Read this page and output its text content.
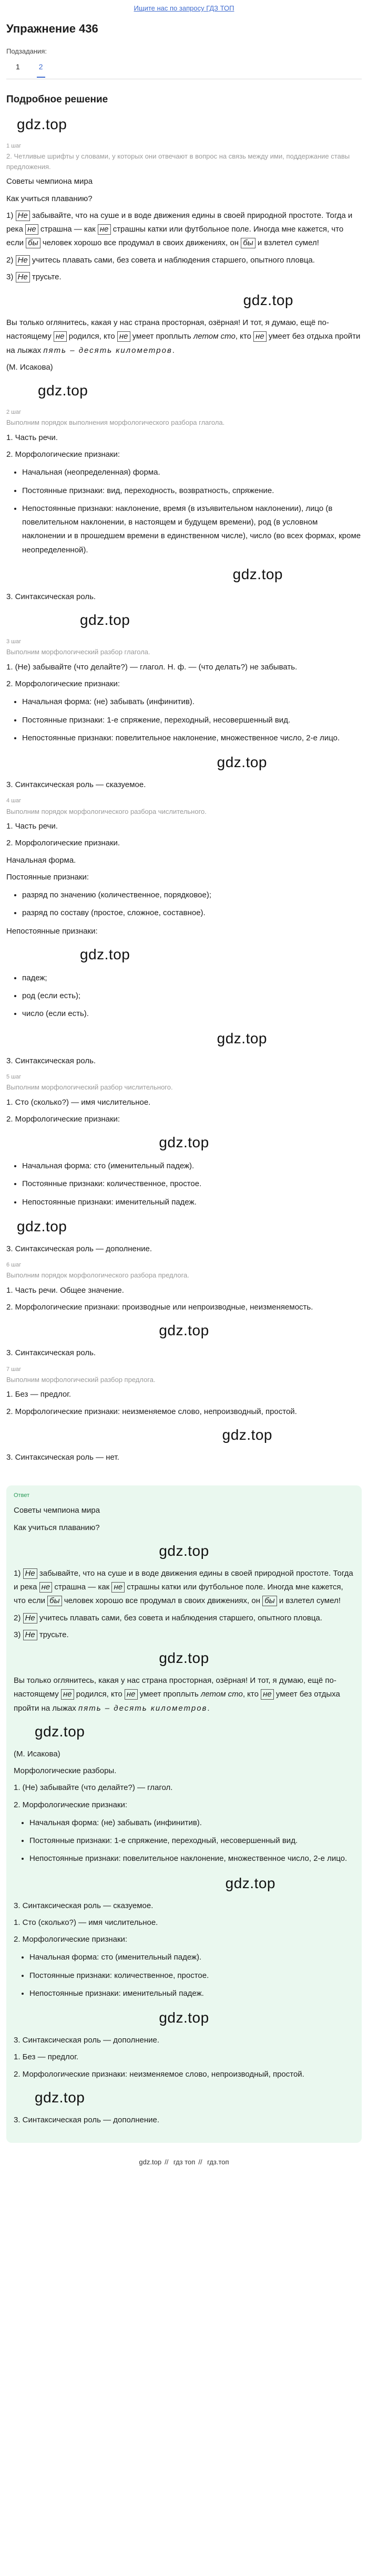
Ищите нас по запросу ГДЗ ТОП
Упражнение 436
Подзадания:
1	2
Подробное решение
gdz.top
1 шаг
2. Чeтливые шрифты у словами, у которых они отвечают в вопрос на связь между ими, поддержание ставы предложения.

Советы чемпиона мира

Как учиться плаванию?

1) Не забывайте, что на суше и в воде движения едины в своей природной простоте. Тогда и река не страшна — как не страшны катки или футбольное поле. Иногда мне кажется, что если бы человек хорошо все продумал в своих движениях, он бы и взлетел сумел!

2) Не учитесь плавать сами, без совета и наблюдения старшего, опытного пловца.

3) Не трусьте.

gdz.top

Вы только оглянитесь, какая у нас страна просторная, озёрная! И тот, я думаю, ещё по-настоящему не родился, кто не умеет проплыть летом сто, кто не умеет без отдыха пройти на лыжах пять – десять километров.

(М. Исакова)

gdz.top
2 шаг
Выполним порядок выполнения морфологического разбора глагола.

1. Часть речи.

2. Морфологические признаки:

• Начальная (неопределенная) форма.
• Постоянные признаки: вид, переходность, возвратность, спряжение.
• Непостоянные признаки: наклонение, время (в изъявительном наклонении), лицо (в повелительном наклонении, в настоящем и будущем времени), род (в условном наклонении и в прошедшем времени в единственном числе), число (во всех формах, кроме неопределенной).
gdz.top

3. Синтаксическая роль.

gdz.top
3 шаг
Выполним морфологический разбор глагола.

1. (Не) забывайте (что делайте?) — глагол. Н. ф. — (что делать?) не забывать.

2. Морфологические признаки:

• Начальная форма: (не) забывать (инфинитив).
• Постоянные признаки: 1-е спряжение, переходный, несовершенный вид.
• Непостоянные признаки: повелительное наклонение, множественное число, 2-е лицо.
gdz.top

3. Синтаксическая роль — сказуемое.

4 шаг
Выполним порядок морфологического разбора числительного.

1. Часть речи.

2. Морфологические признаки.

Начальная форма.

Постоянные признаки:

• разряд по значению (количественное, порядковое);
• разряд по составу (простое, сложное, составное).

Непостоянные признаки:

gdz.top
• падеж;
• род (если есть);
• число (если есть).
gdz.top

3. Синтаксическая роль.

5 шаг
Выполним морфологический разбор числительного.

1. Сто (сколько?) — имя числительное.

2. Морфологические признаки:

gdz.top
• Начальная форма: сто (именительный падеж).
• Постоянные признаки: количественное, простое.
• Непостоянные признаки: именительный падеж.
gdz.top

3. Синтаксическая роль — дополнение.

6 шаг
Выполним порядок морфологического разбора предлога.

1. Часть речи. Общее значение.

2. Морфологические признаки: производные или непроизводные, неизменяемость.

gdz.top

3. Синтаксическая роль.

7 шаг
Выполним морфологический разбор предлога.

1. Без — предлог.

2. Морфологические признаки: неизменяемое слово, непроизводный, простой.

gdz.top

3. Синтаксическая роль — нет.

Ответ

Советы чемпиона мира

Как учиться плаванию?

gdz.top

1) Не забывайте, что на суше и в воде движения едины в своей природной простоте. Тогда и река не страшна — как не страшны катки или футбольное поле. Иногда мне кажется, что если бы человек хорошо все продумал в своих движениях, он бы и взлетел сумел!

2) Не учитесь плавать сами, без совета и наблюдения старшего, опытного пловца.

3) Не трусьте.

gdz.top

Вы только оглянитесь, какая у нас страна просторная, озёрная! И тот, я думаю, ещё по-настоящему не родился, кто не умеет проплыть летом сто, кто не умеет без отдыха пройти на лыжах пять – десять километров.

gdz.top

(М. Исакова)

Морфологические разборы.

1. (Не) забывайте (что делайте?) — глагол.

2. Морфологические признаки:

• Начальная форма: (не) забывать (инфинитив).
• Постоянные признаки: 1-е спряжение, переходный, несовершенный вид.
• Непостоянные признаки: повелительное наклонение, множественное число, 2-е лицо.
gdz.top

3. Синтаксическая роль — сказуемое.

1. Сто (сколько?) — имя числительное.

2. Морфологические признаки:

• Начальная форма: сто (именительный падеж).
• Постоянные признаки: количественное, простое.
• Непостоянные признаки: именительный падеж.
gdz.top

3. Синтаксическая роль — дополнение.

1. Без — предлог.

2. Морфологические признаки: неизменяемое слово, непроизводный, простой.

gdz.top

3. Синтаксическая роль — дополнение.

gdz.top // гдз топ // гдз.топ
